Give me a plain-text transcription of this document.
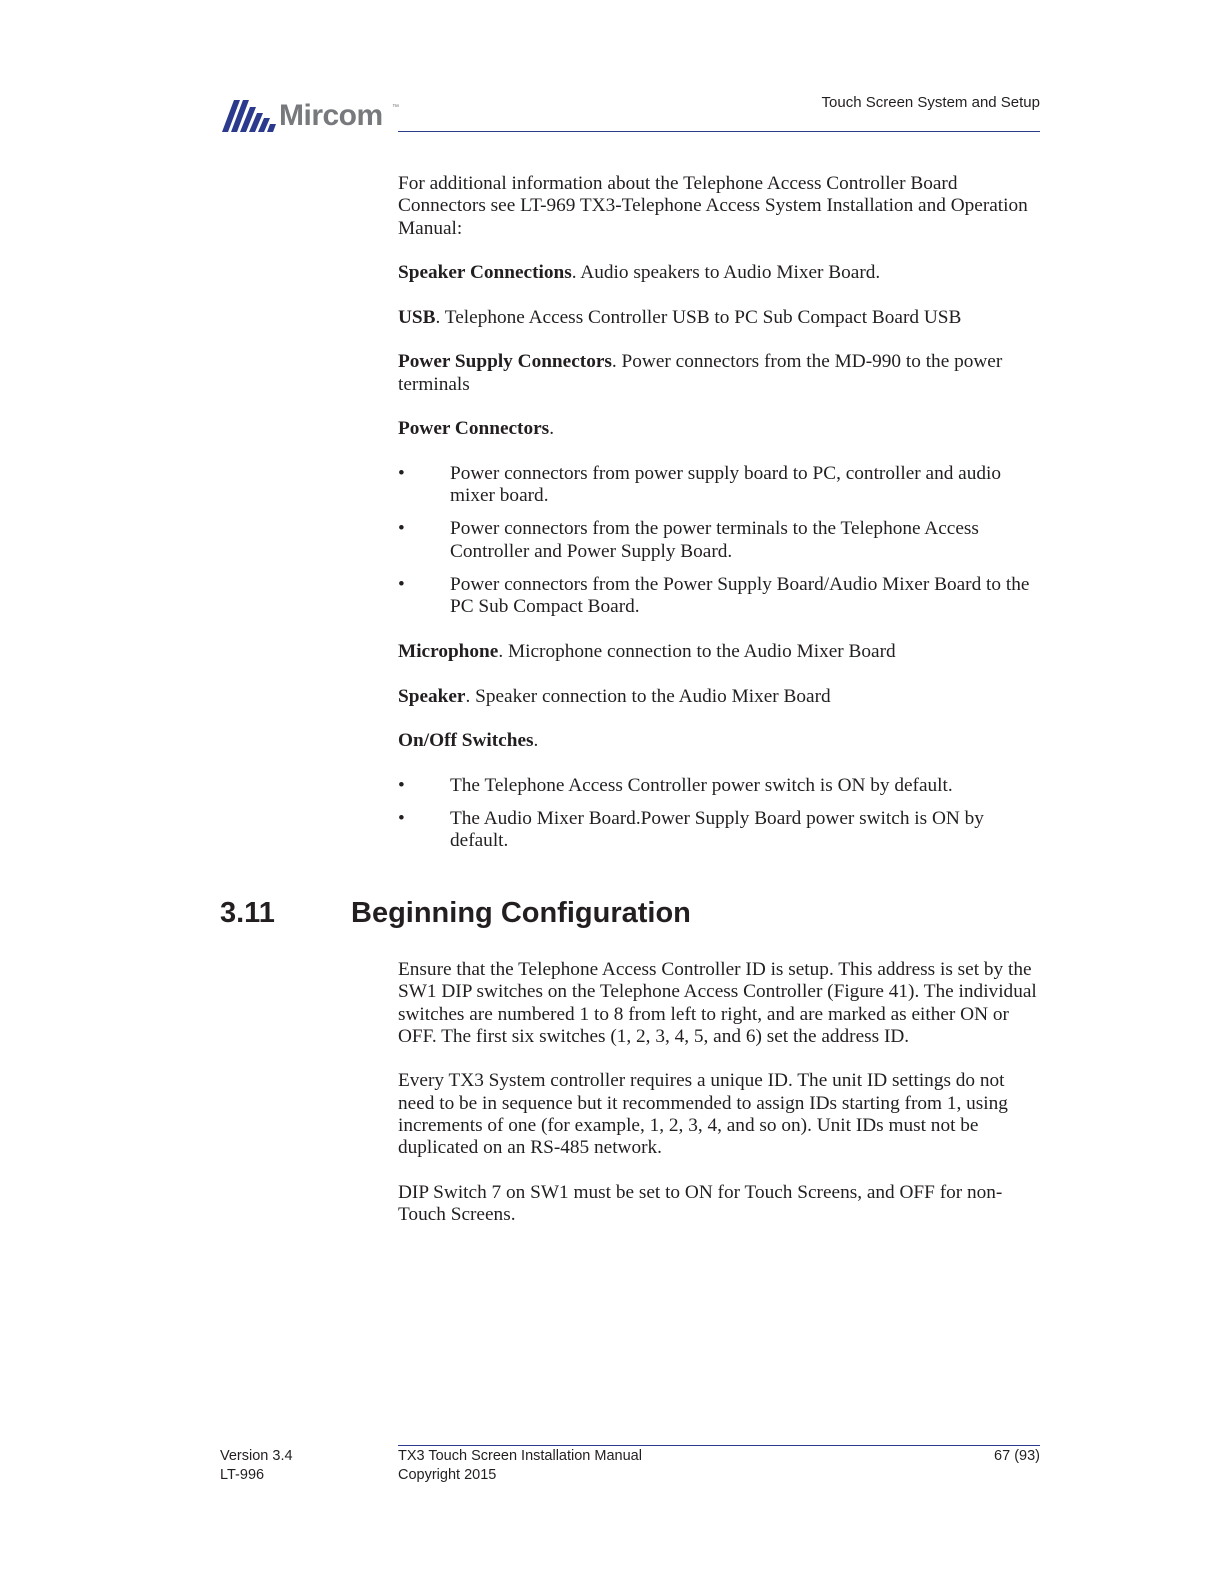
Mircom ™	Touch Screen System and Setup

For additional information about the Telephone Access Controller Board Connectors see LT-969 TX3-Telephone Access System Installation and Operation Manual:

Speaker Connections. Audio speakers to Audio Mixer Board.

USB. Telephone Access Controller USB to PC Sub Compact Board USB

Power Supply Connectors. Power connectors from the MD-990 to the power terminals

Power Connectors.

• Power connectors from power supply board to PC, controller and audio mixer board.
• Power connectors from the power terminals to the Telephone Access Controller and Power Supply Board.
• Power connectors from the Power Supply Board/Audio Mixer Board to the PC Sub Compact Board.

Microphone. Microphone connection to the Audio Mixer Board

Speaker. Speaker connection to the Audio Mixer Board

On/Off Switches.

• The Telephone Access Controller power switch is ON by default.
• The Audio Mixer Board.Power Supply Board power switch is ON by default.
3.11	Beginning Configuration

Ensure that the Telephone Access Controller ID is setup. This address is set by the SW1 DIP switches on the Telephone Access Controller (Figure 41). The individual switches are numbered 1 to 8 from left to right, and are marked as either ON or OFF. The first six switches (1, 2, 3, 4, 5, and 6) set the address ID.

Every TX3 System controller requires a unique ID. The unit ID settings do not need to be in sequence but it recommended to assign IDs starting from 1, using increments of one (for example, 1, 2, 3, 4, and so on). Unit IDs must not be duplicated on an RS-485 network.

DIP Switch 7 on SW1 must be set to ON for Touch Screens, and OFF for non-Touch Screens.

Version 3.4
LT-996
TX3 Touch Screen Installation Manual
Copyright 2015
67 (93)
